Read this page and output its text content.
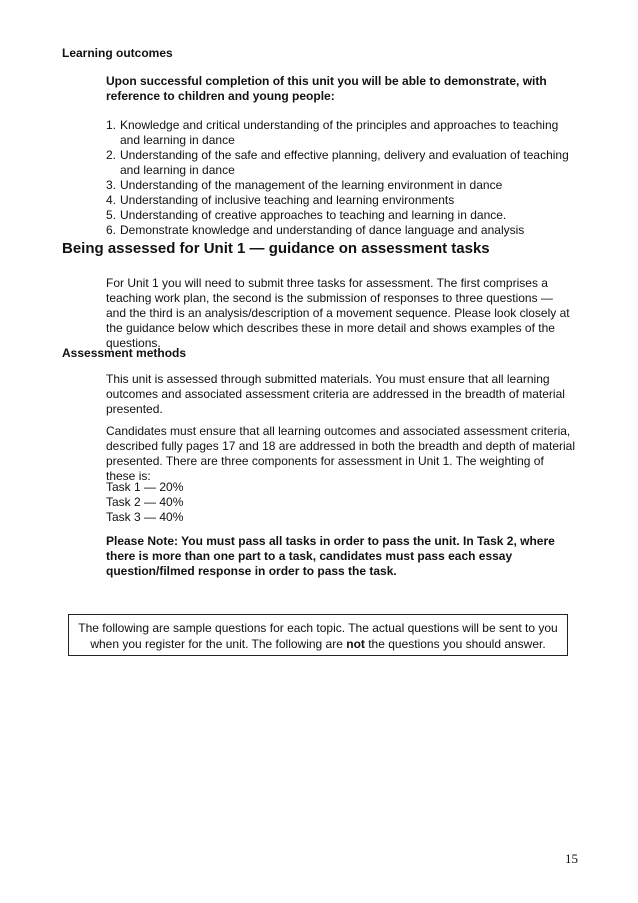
Learning outcomes
Upon successful completion of this unit you will be able to demonstrate, with reference to children and young people:
1. Knowledge and critical understanding of the principles and approaches to teaching and learning in dance
2. Understanding of the safe and effective planning, delivery and evaluation of teaching and learning in dance
3. Understanding of the management of the learning environment in dance
4. Understanding of inclusive teaching and learning environments
5. Understanding of creative approaches to teaching and learning in dance.
6. Demonstrate knowledge and understanding of dance language and analysis
Being assessed for Unit 1 — guidance on assessment tasks
For Unit 1 you will need to submit three tasks for assessment. The first comprises a teaching work plan, the second is the submission of responses to three questions — and the third is an analysis/description of a movement sequence. Please look closely at the guidance below which describes these in more detail and shows examples of the questions.
Assessment methods
This unit is assessed through submitted materials. You must ensure that all learning outcomes and associated assessment criteria are addressed in the breadth of material presented.
Candidates must ensure that all learning outcomes and associated assessment criteria, described fully pages 17 and 18 are addressed in both the breadth and depth of material presented. There are three components for assessment in Unit 1. The weighting of these is:

Task 1 — 20%

Task 2 — 40%

Task 3 — 40%

Please Note: You must pass all tasks in order to pass the unit. In Task 2, where there is more than one part to a task, candidates must pass each essay question/filmed response in order to pass the task.
The following are sample questions for each topic. The actual questions will be sent to you when you register for the unit. The following are not the questions you should answer.
15
